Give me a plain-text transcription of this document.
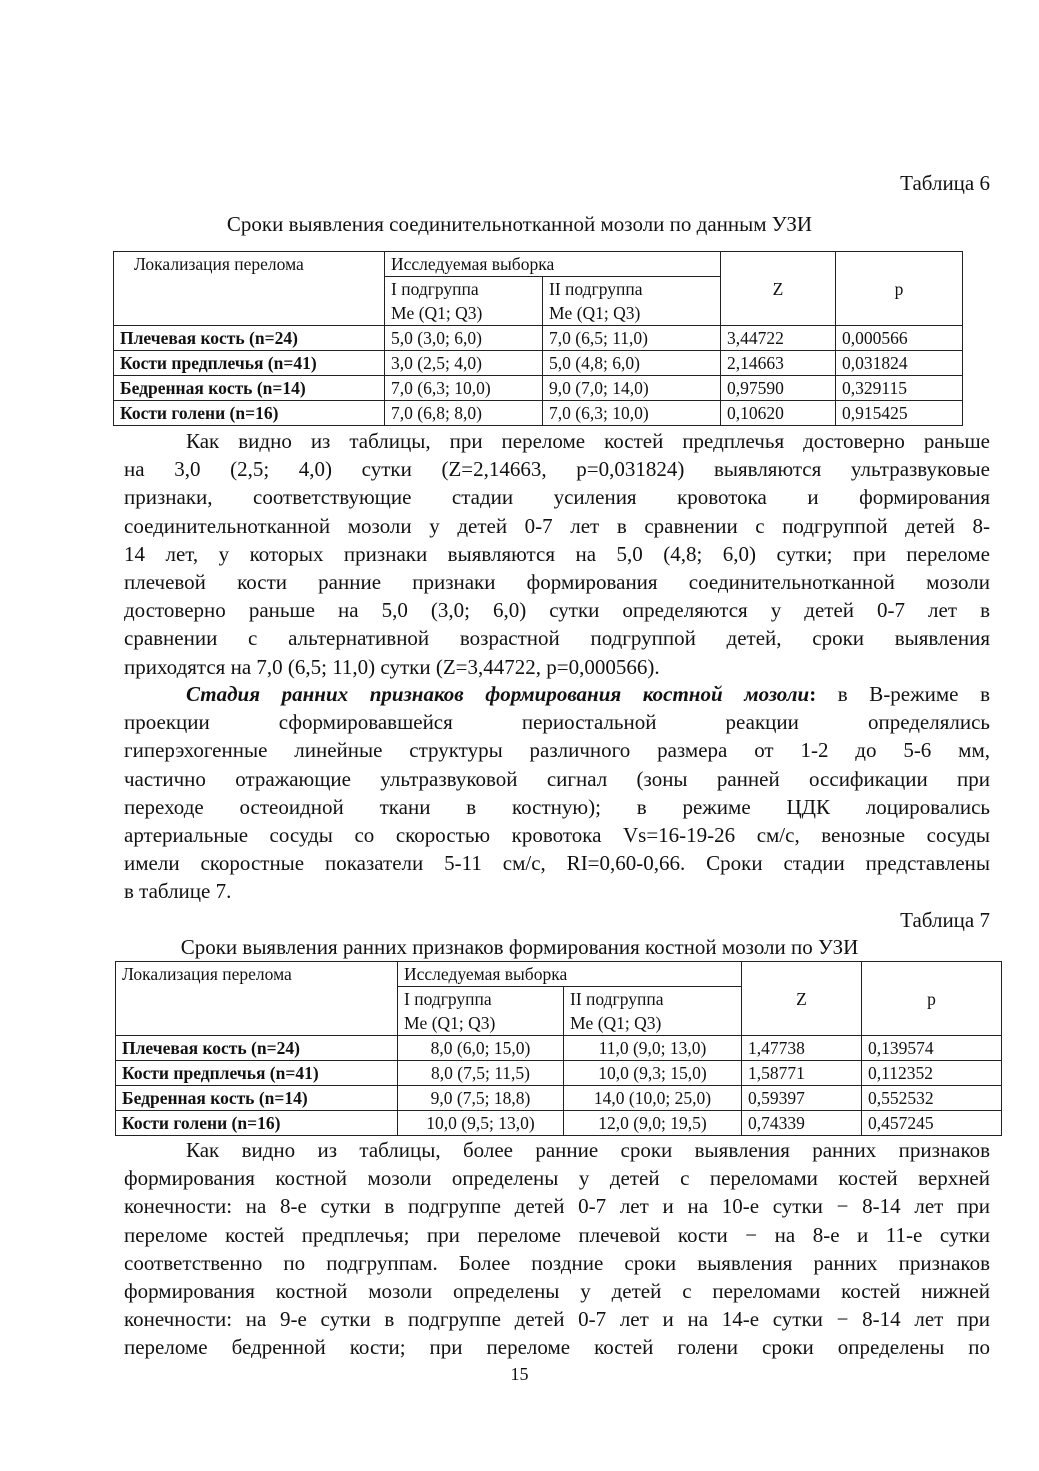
Таблица 6
Сроки выявления соединительнотканной мозоли по данным УЗИ
Локализация перелома	Исследуемая выборка		Z	p
	I подгруппа	II подгруппа		
	Me (Q1; Q3)	Me (Q1; Q3)		
Плечевая кость (n=24)	5,0 (3,0; 6,0)	7,0 (6,5; 11,0)	3,44722	0,000566
Кости предплечья (n=41)	3,0 (2,5; 4,0)	5,0 (4,8; 6,0)	2,14663	0,031824
Бедренная кость (n=14)	7,0 (6,3; 10,0)	9,0 (7,0; 14,0)	0,97590	0,329115
Кости голени (n=16)	7,0 (6,8; 8,0)	7,0 (6,3; 10,0)	0,10620	0,915425
Как видно из таблицы, при переломе костей предплечья достоверно раньше
на 3,0 (2,5; 4,0) сутки (Z=2,14663, p=0,031824) выявляются ультразвуковые
признаки, соответствующие стадии усиления кровотока и формирования
соединительнотканной мозоли у детей 0-7 лет в сравнении с подгруппой детей 8-
14 лет, у которых признаки выявляются на 5,0 (4,8; 6,0) сутки; при переломе
плечевой кости ранние признаки формирования соединительнотканной мозоли
достоверно раньше на 5,0 (3,0; 6,0) сутки определяются у детей 0-7 лет в
сравнении с альтернативной возрастной подгруппой детей, сроки выявления
приходятся на 7,0 (6,5; 11,0) сутки (Z=3,44722, p=0,000566).
Стадия ранних признаков формирования костной мозоли: в В-режиме в
проекции сформировавшейся периостальной реакции определялись
гиперэхогенные линейные структуры различного размера от 1-2 до 5-6 мм,
частично отражающие ультразвуковой сигнал (зоны ранней оссификации при
переходе остеоидной ткани в костную); в режиме ЦДК лоцировались
артериальные сосуды со скоростью кровотока Vs=16-19-26 см/с, венозные сосуды
имели скоростные показатели 5-11 см/с, RI=0,60-0,66. Сроки стадии представлены
в таблице 7.
Таблица 7
Сроки выявления ранних признаков формирования костной мозоли по УЗИ
Локализация перелома	Исследуемая выборка		Z	p
	I подгруппа	II подгруппа		
	Me (Q1; Q3)	Me (Q1; Q3)		
Плечевая кость (n=24)	8,0 (6,0; 15,0)	11,0 (9,0; 13,0)	1,47738	0,139574
Кости предплечья (n=41)	8,0 (7,5; 11,5)	10,0 (9,3; 15,0)	1,58771	0,112352
Бедренная кость (n=14)	9,0 (7,5; 18,8)	14,0 (10,0; 25,0)	0,59397	0,552532
Кости голени (n=16)	10,0 (9,5; 13,0)	12,0 (9,0; 19,5)	0,74339	0,457245
Как видно из таблицы, более ранние сроки выявления ранних признаков
формирования костной мозоли определены у детей с переломами костей верхней
конечности: на 8-е сутки в подгруппе детей 0-7 лет и на 10-е сутки − 8-14 лет при
переломе костей предплечья; при переломе плечевой кости − на 8-е и 11-е сутки
соответственно по подгруппам. Более поздние сроки выявления ранних признаков
формирования костной мозоли определены у детей с переломами костей нижней
конечности: на 9-е сутки в подгруппе детей 0-7 лет и на 14-е сутки − 8-14 лет при
переломе бедренной кости; при переломе костей голени сроки определены по
15
